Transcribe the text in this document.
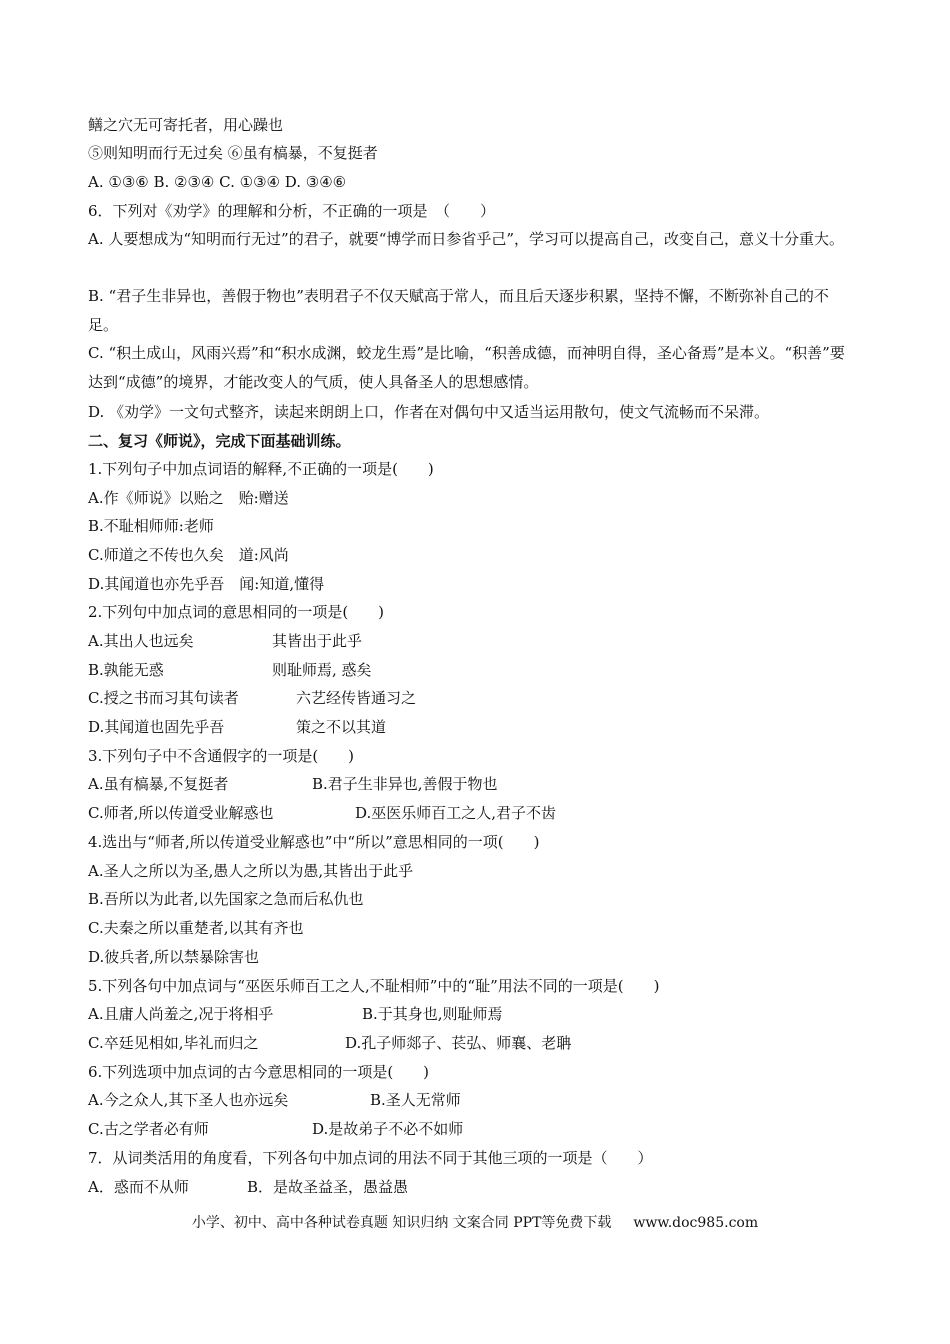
鳝之穴无可寄托者，用心躁也
⑤则知明而行无过矣 ⑥虽有槁暴，不复挺者
A. ①③⑥ B. ②③④ C. ①③④ D. ③④⑥
6．下列对《劝学》的理解和分析，不正确的一项是　（　　）
A. 人要想成为“知明而行无过”的君子，就要“博学而日参省乎己”，学习可以提高自己，改变自己，意义十分重大。
B. “君子生非异也，善假于物也”表明君子不仅天赋高于常人，而且后天逐步积累，坚持不懈，不断弥补自己的不足。
C. “积土成山，风雨兴焉”和“积水成渊，蛟龙生焉”是比喻，“积善成德，而神明自得，圣心备焉”是本义。“积善”要达到“成德”的境界，才能改变人的气质，使人具备圣人的思想感情。
D. 《劝学》一文句式整齐，读起来朗朗上口，作者在对偶句中又适当运用散句，使文气流畅而不呆滞。
二、复习《师说》，完成下面基础训练。
1.下列句子中加点词语的解释,不正确的一项是(　　)
A.作《师说》以贻之　贻:赠送
B.不耻相师师:老师
C.师道之不传也久矣　道:风尚
D.其闻道也亦先乎吾　闻:知道,懂得
2.下列句中加点词的意思相同的一项是(　　)
A.其出人也远矣	其皆出于此乎
B.孰能无惑	则耻师焉, 惑矣
C.授之书而习其句读者	六艺经传皆通习之
D.其闻道也固先乎吾	策之不以其道
3.下列句子中不含通假字的一项是(　　)
A.虽有槁暴,不复挺者	B.君子生非异也,善假于物也
C.师者,所以传道受业解惑也	D.巫医乐师百工之人,君子不齿
4.选出与“师者,所以传道受业解惑也”中“所以”意思相同的一项(　　)
A.圣人之所以为圣,愚人之所以为愚,其皆出于此乎
B.吾所以为此者,以先国家之急而后私仇也
C.夫秦之所以重楚者,以其有齐也
D.彼兵者,所以禁暴除害也
5.下列各句中加点词与“巫医乐师百工之人,不耻相师”中的“耻”用法不同的一项是(　　)
A.且庸人尚羞之,况于将相乎	B.于其身也,则耻师焉
C.卒廷见相如,毕礼而归之	D.孔子师郯子、苌弘、师襄、老聃
6.下列选项中加点词的古今意思相同的一项是(　　)
A.今之众人,其下圣人也亦远矣	B.圣人无常师
C.古之学者必有师	D.是故弟子不必不如师
7．从词类活用的角度看，下列各句中加点词的用法不同于其他三项的一项是（　　）
A．惑而不从师	B．是故圣益圣，愚益愚
小学、初中、高中各种试卷真题 知识归纳 文案合同 PPT等免费下载 www.doc985.com
